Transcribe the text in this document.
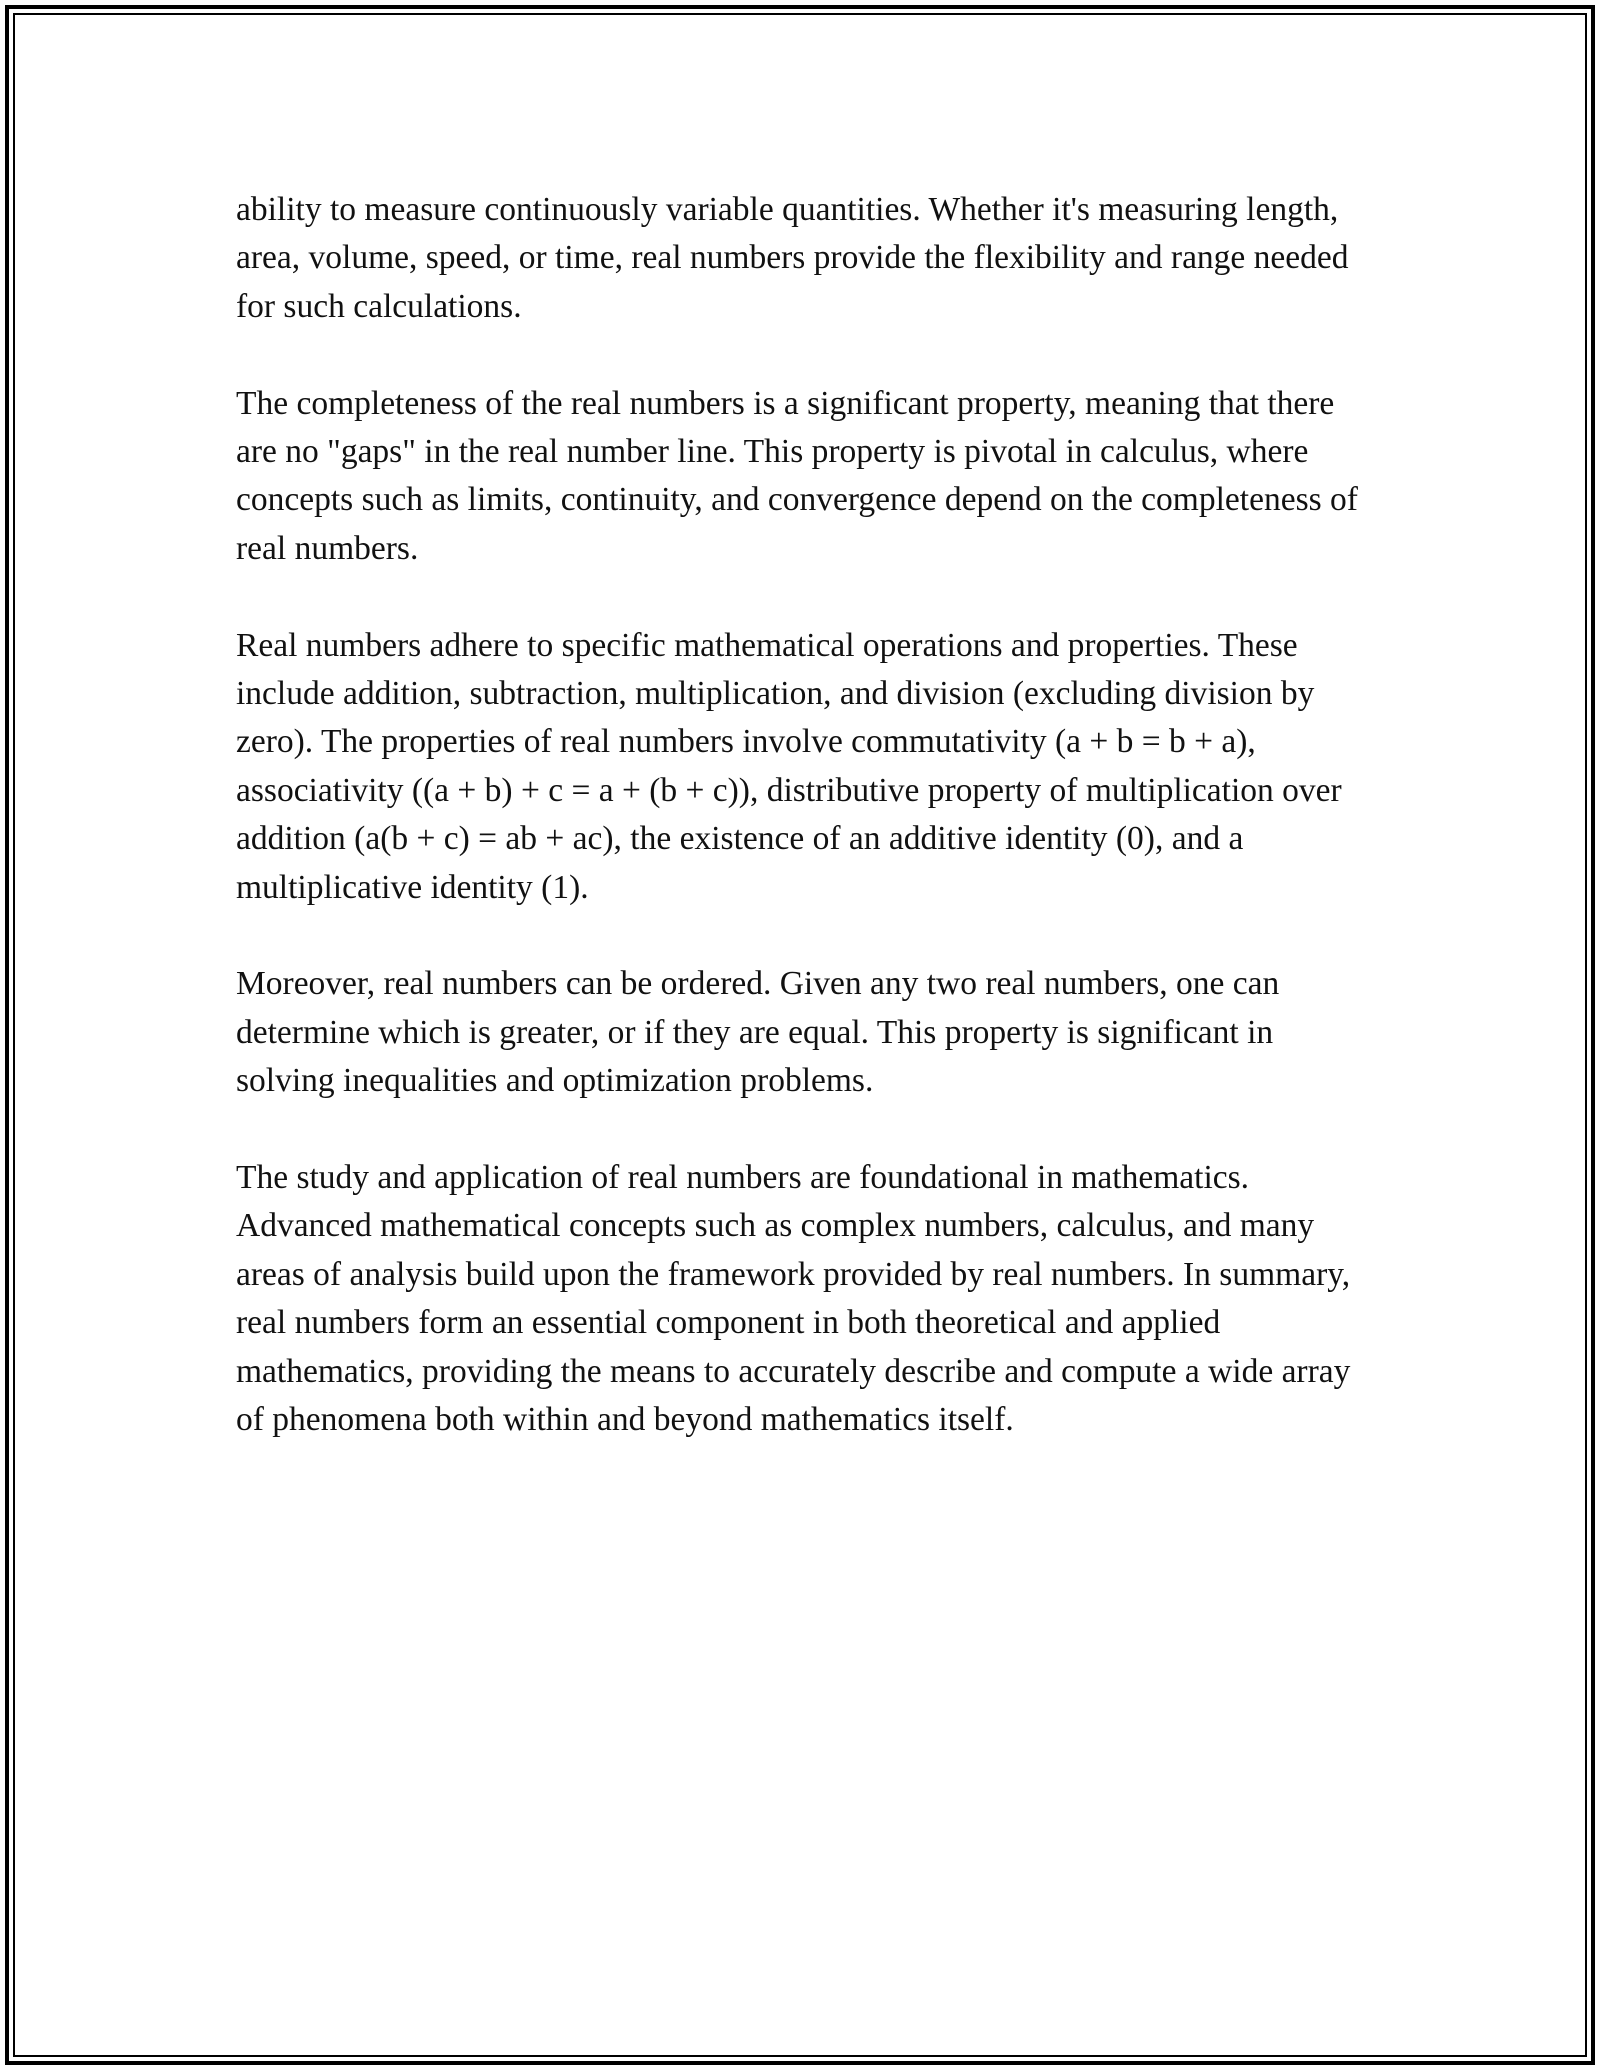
ability to measure continuously variable quantities. Whether it's measuring length, area, volume, speed, or time, real numbers provide the flexibility and range needed for such calculations.

The completeness of the real numbers is a significant property, meaning that there are no "gaps" in the real number line. This property is pivotal in calculus, where concepts such as limits, continuity, and convergence depend on the completeness of real numbers.

Real numbers adhere to specific mathematical operations and properties. These include addition, subtraction, multiplication, and division (excluding division by zero). The properties of real numbers involve commutativity (a + b = b + a), associativity ((a + b) + c = a + (b + c)), distributive property of multiplication over addition (a(b + c) = ab + ac), the existence of an additive identity (0), and a multiplicative identity (1).

Moreover, real numbers can be ordered. Given any two real numbers, one can determine which is greater, or if they are equal. This property is significant in solving inequalities and optimization problems.

The study and application of real numbers are foundational in mathematics. Advanced mathematical concepts such as complex numbers, calculus, and many areas of analysis build upon the framework provided by real numbers. In summary, real numbers form an essential component in both theoretical and applied mathematics, providing the means to accurately describe and compute a wide array of phenomena both within and beyond mathematics itself.
